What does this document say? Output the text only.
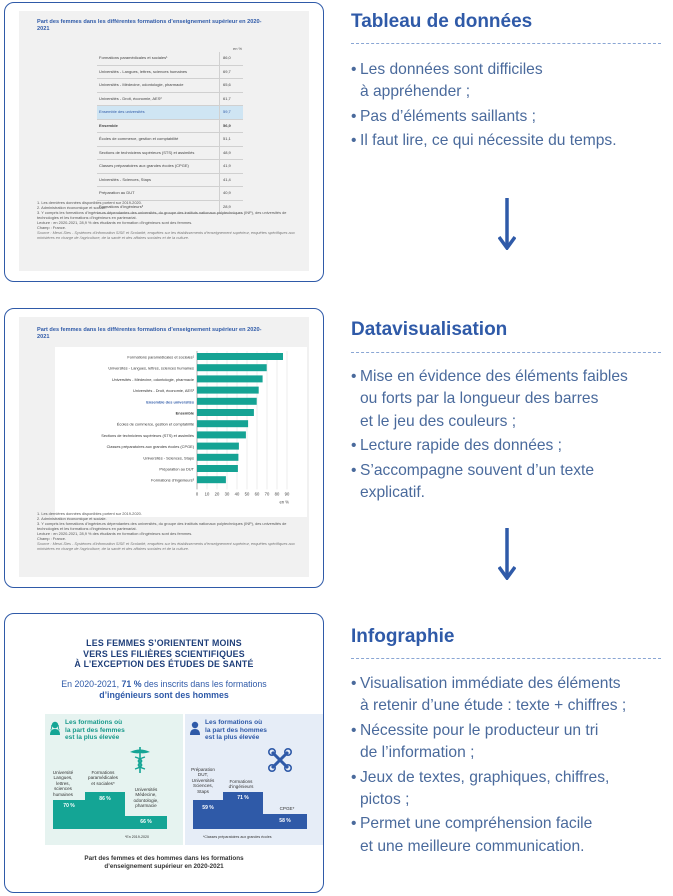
Part des femmes dans les différentes formations d’enseignement supérieur en 2020-2021
en %
Formations paramédicales et sociales¹	86,0
Universités - Langues, lettres, sciences humaines	69,7
Universités - Médecine, odontologie, pharmacie	65,6
Universités - Droit, économie, AES²	61,7
Ensemble des universités	59,7
Ensemble	56,9
Écoles de commerce, gestion et comptabilité	51,1
Sections de techniciens supérieurs (STS) et assimilés	48,9
Classes préparatoires aux grandes écoles (CPGE)	41,9
Universités - Sciences, Staps	41,4
Préparation au DUT	40,9
Formations d’ingénieurs³	28,9
1. Les dernières données disponibles portent sur 2019-2020.
2. Administration économique et sociale.
3. Y compris les formations d’ingénieurs dépendantes des universités, du groupe des instituts nationaux polytechniques (INP), des universités de technologies et les formations d’ingénieurs en partenariat.
Lecture : en 2020-2021, 28,9 % des étudiants en formation d’ingénieurs sont des femmes.
Champ : France.
Source : Mesri-Sies - Systèmes d’information SISE et Scolarité, enquêtes sur les établissements d’enseignement supérieur, enquêtes spécifiques aux ministères en charge de l’agriculture, de la santé et des affaires sociales et de la culture.
Part des femmes dans les différentes formations d’enseignement supérieur en 2020-2021
0 10 20 30 40 50 60 70 80 90
Formations paramédicales et sociales¹
Universités - Langues, lettres, sciences humaines
Universités - Médecine, odontologie, pharmacie
Universités - Droit, économie, AES²
Ensemble des universités
Ensemble
Écoles de commerce, gestion et comptabilité
Sections de techniciens supérieurs (STS) et assimilés
Classes préparatoires aux grandes écoles (CPGE)
Universités - Sciences, Staps
Préparation au DUT
Formations d’ingénieurs³
en %
1. Les dernières données disponibles portent sur 2019-2020.
2. Administration économique et sociale.
3. Y compris les formations d’ingénieurs dépendantes des universités, du groupe des instituts nationaux polytechniques (INP), des universités de technologies et les formations d’ingénieurs en partenariat.
Lecture : en 2020-2021, 28,9 % des étudiants en formation d’ingénieurs sont des femmes.
Champ : France.
Source : Mesri-Sies - Systèmes d’information SISE et Scolarité, enquêtes sur les établissements d’enseignement supérieur, enquêtes spécifiques aux ministères en charge de l’agriculture, de la santé et des affaires sociales et de la culture.
LES FEMMES S’ORIENTENT MOINS
VERS LES FILIÈRES SCIENTIFIQUES
À L’EXCEPTION DES ÉTUDES DE SANTÉ
En 2020-2021, 71 % des inscrits dans les formations
d’ingénieurs sont des hommes
Les formations où
la part des femmes
est la plus élevée
Université
Langues,
lettres,
sciences
humaines
Formations
paramédicales
et sociales*
Universités
Médecine,
odontologie,
pharmacie
70 %
86 %
66 %
*En 2019-2020
Les formations où
la part des hommes
est la plus élevée
Préparation
DUT,
Universités
Sciences,
Staps
Formations
d’ingénieurs
CPGE*
59 %
71 %
58 %
*Classes préparatoires aux grandes écoles
Part des femmes et des hommes dans les formations
d’enseignement supérieur en 2020-2021
Tableau de données
• Les données sont difficiles
à appréhender ;
• Pas d’éléments saillants ;
• Il faut lire, ce qui nécessite du temps.
Datavisualisation
• Mise en évidence des éléments faibles
ou forts par la longueur des barres
et le jeu des couleurs ;
• Lecture rapide des données ;
• S’accompagne souvent d’un texte
explicatif.
Infographie
• Visualisation immédiate des éléments
à retenir d’une étude : texte + chiffres ;
• Nécessite pour le producteur un tri
de l’information ;
• Jeux de textes, graphiques, chiffres,
pictos ;
• Permet une compréhension facile
et une meilleure communication.
